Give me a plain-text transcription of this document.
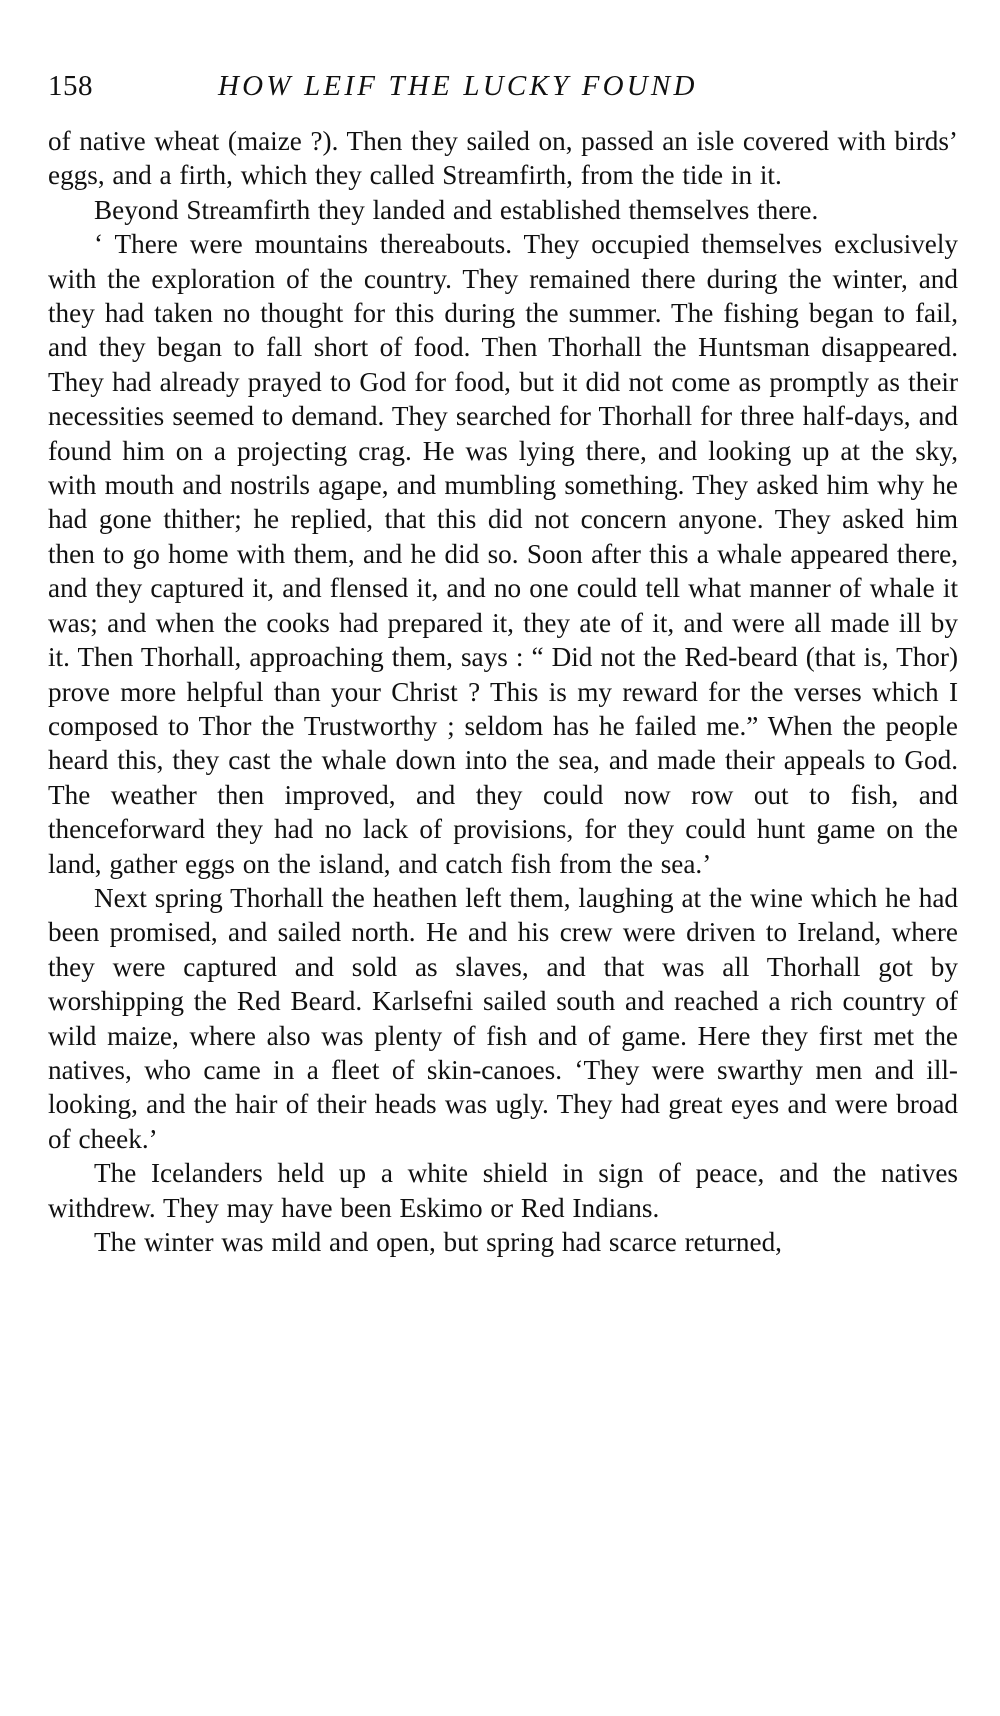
158	HOW LEIF THE LUCKY FOUND

of native wheat (maize ?). Then they sailed on, passed an isle covered with birds’ eggs, and a firth, which they called Streamfirth, from the tide in it.

Beyond Streamfirth they landed and established themselves there.

‘ There were mountains thereabouts. They occupied themselves exclusively with the exploration of the country. They remained there during the winter, and they had taken no thought for this during the summer. The fishing began to fail, and they began to fall short of food. Then Thorhall the Huntsman disappeared. They had already prayed to God for food, but it did not come as promptly as their necessities seemed to demand. They searched for Thorhall for three half-days, and found him on a projecting crag. He was lying there, and looking up at the sky, with mouth and nostrils agape, and mumbling something. They asked him why he had gone thither; he replied, that this did not concern anyone. They asked him then to go home with them, and he did so. Soon after this a whale appeared there, and they captured it, and flensed it, and no one could tell what manner of whale it was; and when the cooks had prepared it, they ate of it, and were all made ill by it. Then Thorhall, approaching them, says : “ Did not the Red-beard (that is, Thor) prove more helpful than your Christ ? This is my reward for the verses which I composed to Thor the Trustworthy ; seldom has he failed me.” When the people heard this, they cast the whale down into the sea, and made their appeals to God. The weather then improved, and they could now row out to fish, and thenceforward they had no lack of provisions, for they could hunt game on the land, gather eggs on the island, and catch fish from the sea.’

Next spring Thorhall the heathen left them, laughing at the wine which he had been promised, and sailed north. He and his crew were driven to Ireland, where they were captured and sold as slaves, and that was all Thorhall got by worshipping the Red Beard. Karlsefni sailed south and reached a rich country of wild maize, where also was plenty of fish and of game. Here they first met the natives, who came in a fleet of skin-canoes. ‘They were swarthy men and ill-looking, and the hair of their heads was ugly. They had great eyes and were broad of cheek.’

The Icelanders held up a white shield in sign of peace, and the natives withdrew. They may have been Eskimo or Red Indians.

The winter was mild and open, but spring had scarce returned,
